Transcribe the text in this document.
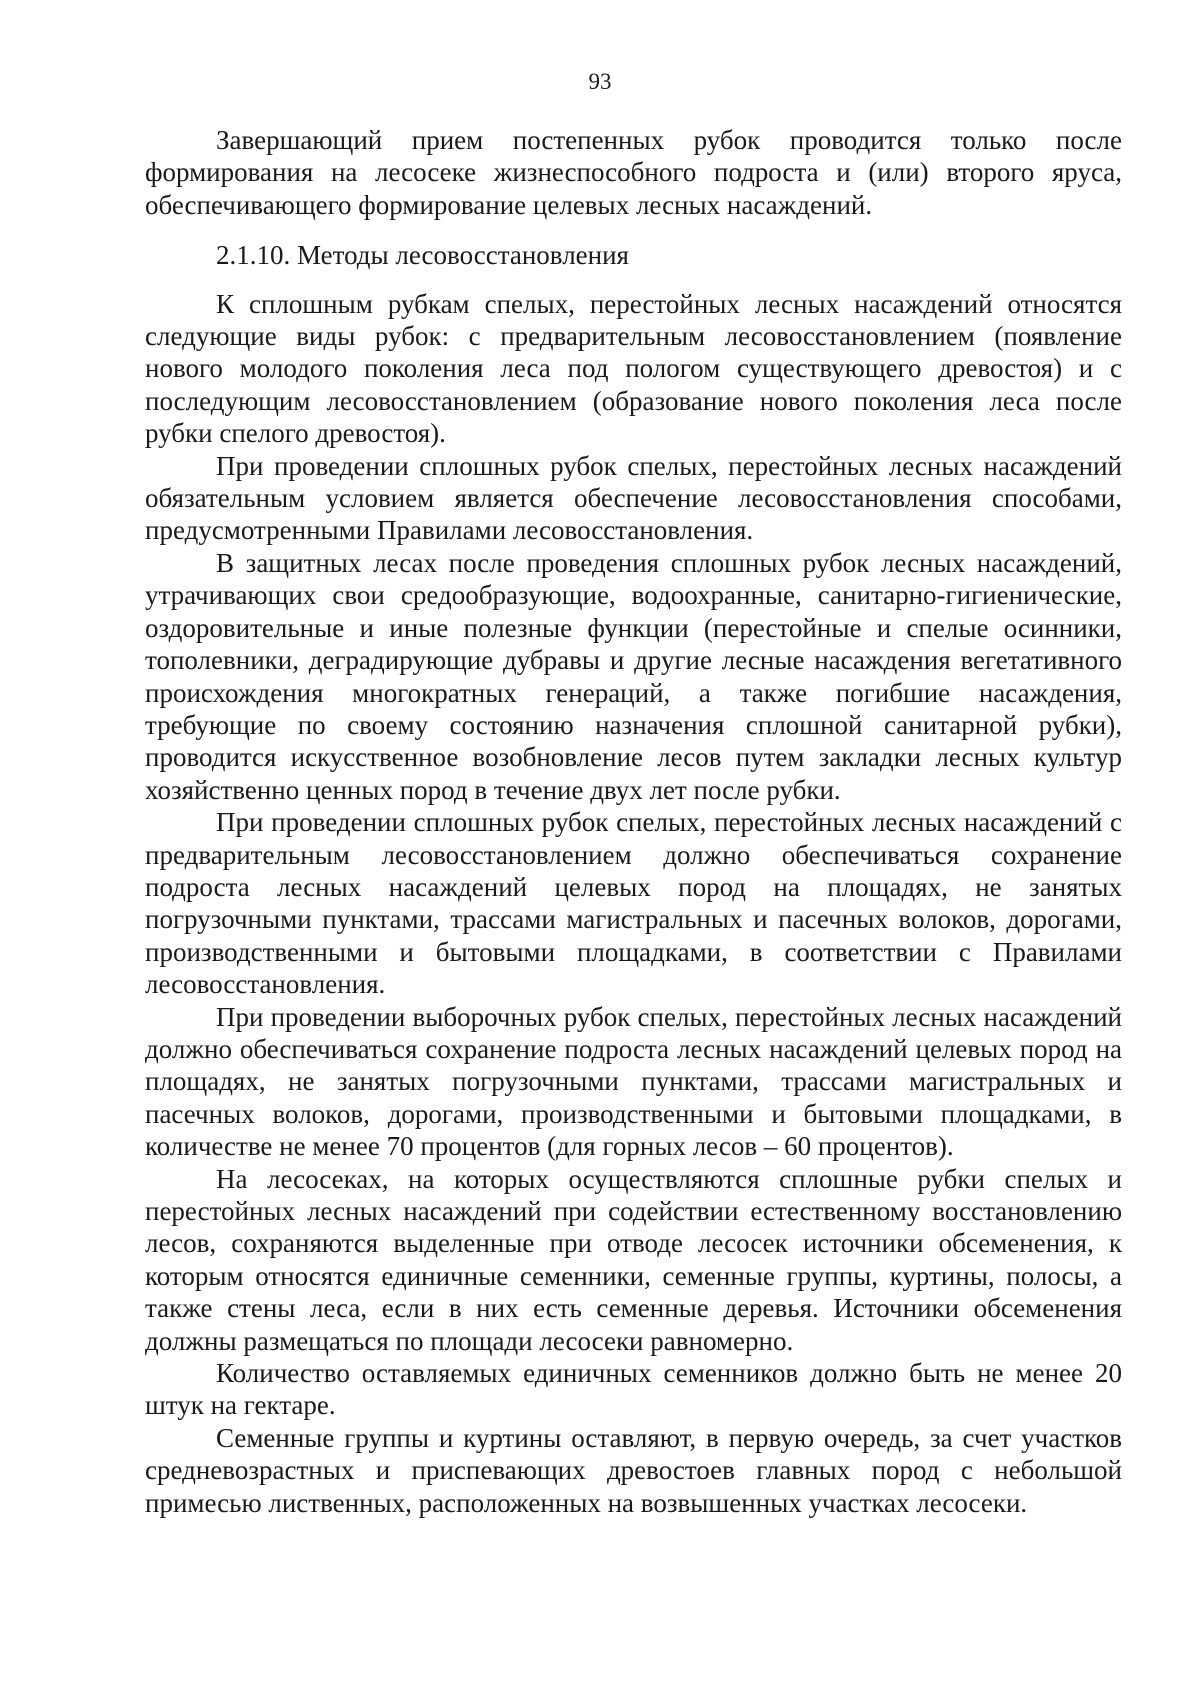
93

Завершающий прием постепенных рубок проводится только после формирования на лесосеке жизнеспособного подроста и (или) второго яруса, обеспечивающего формирование целевых лесных насаждений.

2.1.10. Методы лесовосстановления

К сплошным рубкам спелых, перестойных лесных насаждений относятся следующие виды рубок: с предварительным лесовосстановлением (появление нового молодого поколения леса под пологом существующего древостоя) и с последующим лесовосстановлением (образование нового поколения леса после рубки спелого древостоя).

При проведении сплошных рубок спелых, перестойных лесных насаждений обязательным условием является обеспечение лесовосстановления способами, предусмотренными Правилами лесовосстановления.

В защитных лесах после проведения сплошных рубок лесных насаждений, утрачивающих свои средообразующие, водоохранные, санитарно-гигиенические, оздоровительные и иные полезные функции (перестойные и спелые осинники, тополевники, деградирующие дубравы и другие лесные насаждения вегетативного происхождения многократных генераций, а также погибшие насаждения, требующие по своему состоянию назначения сплошной санитарной рубки), проводится искусственное возобновление лесов путем закладки лесных культур хозяйственно ценных пород в течение двух лет после рубки.

При проведении сплошных рубок спелых, перестойных лесных насаждений с предварительным лесовосстановлением должно обеспечиваться сохранение подроста лесных насаждений целевых пород на площадях, не занятых погрузочными пунктами, трассами магистральных и пасечных волоков, дорогами, производственными и бытовыми площадками, в соответствии с Правилами лесовосстановления.

При проведении выборочных рубок спелых, перестойных лесных насаждений должно обеспечиваться сохранение подроста лесных насаждений целевых пород на площадях, не занятых погрузочными пунктами, трассами магистральных и пасечных волоков, дорогами, производственными и бытовыми площадками, в количестве не менее 70 процентов (для горных лесов – 60 процентов).

На лесосеках, на которых осуществляются сплошные рубки спелых и перестойных лесных насаждений при содействии естественному восстановлению лесов, сохраняются выделенные при отводе лесосек источники обсеменения, к которым относятся единичные семенники, семенные группы, куртины, полосы, а также стены леса, если в них есть семенные деревья. Источники обсеменения должны размещаться по площади лесосеки равномерно.

Количество оставляемых единичных семенников должно быть не менее 20 штук на гектаре.

Семенные группы и куртины оставляют, в первую очередь, за счет участков средневозрастных и приспевающих древостоев главных пород с небольшой примесью лиственных, расположенных на возвышенных участках лесосеки.
